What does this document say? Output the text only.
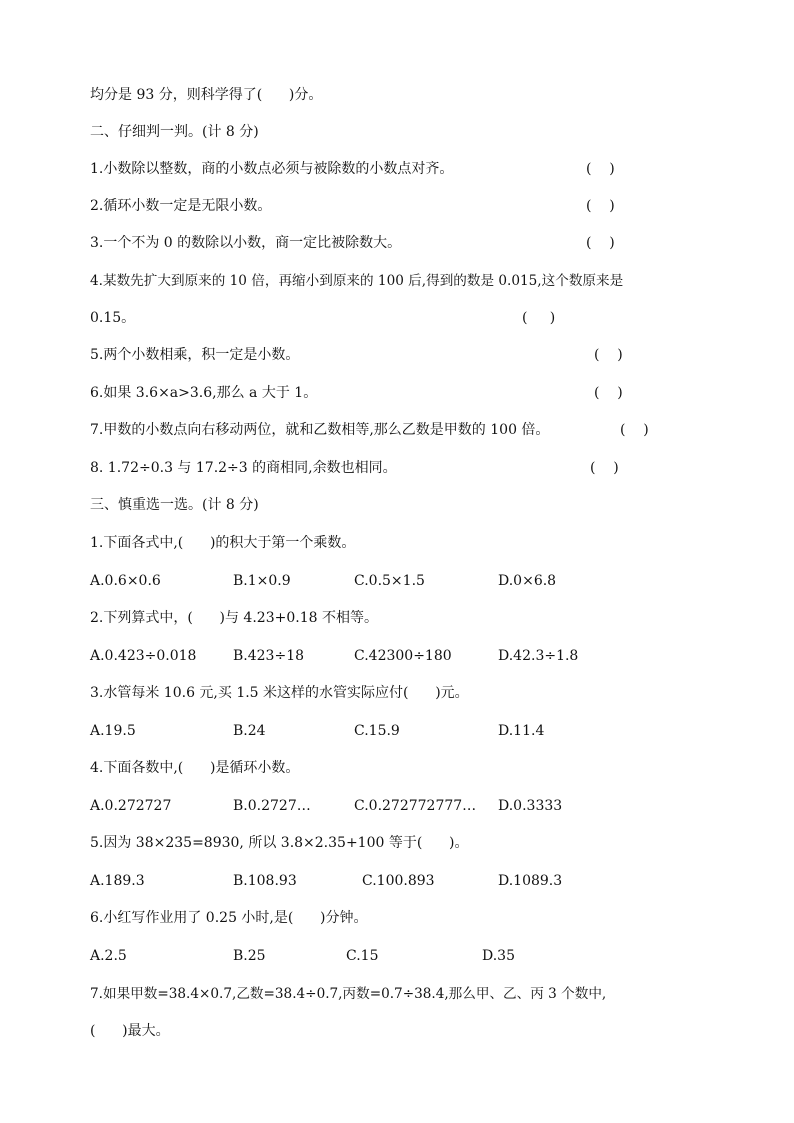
均分是 93 分，则科学得了(      )分。
二、仔细判一判。(计 8 分)
1.小数除以整数，商的小数点必须与被除数的小数点对齐。	(    )
2.循环小数一定是无限小数。	(    )
3.一个不为 0 的数除以小数，商一定比被除数大。	(    )
4.某数先扩大到原来的 10 倍，再缩小到原来的 100 后,得到的数是 0.015,这个数原来是
0.15。	(     )
5.两个小数相乘，积一定是小数。	(    )
6.如果 3.6×a>3.6,那么 a 大于 1。	(    )
7.甲数的小数点向右移动两位，就和乙数相等,那么乙数是甲数的 100 倍。	(    )
8. 1.72÷0.3 与 17.2÷3 的商相同,余数也相同。	(    )
三、慎重选一选。(计 8 分)
1.下面各式中,(      )的积大于第一个乘数。
A.0.6×0.6	B.1×0.9	C.0.5×1.5	D.0×6.8
2.下列算式中，(      )与 4.23+0.18 不相等。
A.0.423÷0.018	B.423÷18	C.42300÷180	D.42.3÷1.8
3.水管每米 10.6 元,买 1.5 米这样的水管实际应付(      )元。
A.19.5	B.24	C.15.9	D.11.4
4.下面各数中,(      )是循环小数。
A.0.272727	B.0.2727…	C.0.272772777… D.0.3333
5.因为 38×235=8930, 所以 3.8×2.35+100 等于(      )。
A.189.3	B.108.93	C.100.893	D.1089.3
6.小红写作业用了 0.25 小时,是(      )分钟。
A.2.5	B.25	C.15	D.35
7.如果甲数=38.4×0.7,乙数=38.4÷0.7,丙数=0.7÷38.4,那么甲、乙、丙 3 个数中,
(      )最大。
